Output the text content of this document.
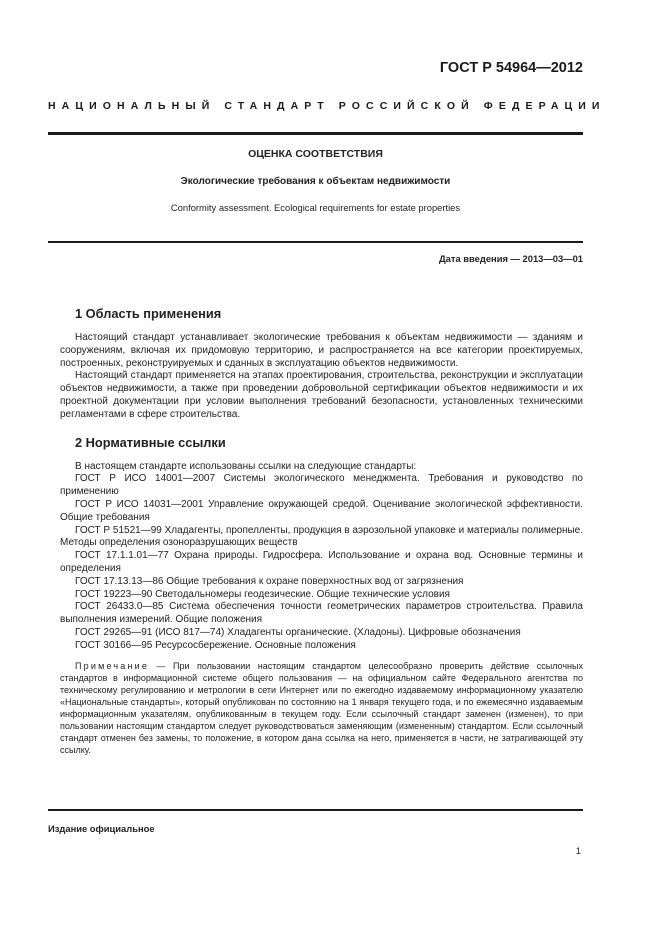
ГОСТ Р 54964—2012
НАЦИОНАЛЬНЫЙ СТАНДАРТ РОССИЙСКОЙ ФЕДЕРАЦИИ
ОЦЕНКА СООТВЕТСТВИЯ
Экологические требования к объектам недвижимости
Conformity assessment. Ecological requirements for estate properties
Дата введения — 2013—03—01
1 Область применения

Настоящий стандарт устанавливает экологические требования к объектам недвижимости — зданиям и сооружениям, включая их придомовую территорию, и распространяется на все категории проектируемых, построенных, реконструируемых и сданных в эксплуатацию объектов недвижимости.

Настоящий стандарт применяется на этапах проектирования, строительства, реконструкции и эксплуатации объектов недвижимости, а также при проведении добровольной сертификации объектов недвижимости и их проектной документации при условии выполнения требований безопасности, установленных техническими регламентами в сфере строительства.

2 Нормативные ссылки

В настоящем стандарте использованы ссылки на следующие стандарты:

ГОСТ Р ИСО 14001—2007 Системы экологического менеджмента. Требования и руководство по применению

ГОСТ Р ИСО 14031—2001 Управление окружающей средой. Оценивание экологической эффективности. Общие требования

ГОСТ Р 51521—99 Хладагенты, пропелленты, продукция в аэрозольной упаковке и материалы полимерные. Методы определения озоноразрушающих веществ

ГОСТ 17.1.1.01—77 Охрана природы. Гидросфера. Использование и охрана вод. Основные термины и определения

ГОСТ 17.13.13—86 Общие требования к охране поверхностных вод от загрязнения

ГОСТ 19223—90 Светодальномеры геодезические. Общие технические условия

ГОСТ 26433.0—85 Система обеспечения точности геометрических параметров строительства. Правила выполнения измерений. Общие положения

ГОСТ 29265—91 (ИСО 817—74) Хладагенты органические. (Хладоны). Цифровые обозначения

ГОСТ 30166—95 Ресурсосбережение. Основные положения

Примечание — При пользовании настоящим стандартом целесообразно проверить действие ссылочных стандартов в информационной системе общего пользования — на официальном сайте Федерального агентства по техническому регулированию и метрологии в сети Интернет или по ежегодно издаваемому информационному указателю «Национальные стандарты», который опубликован по состоянию на 1 января текущего года, и по ежемесячно издаваемым информационным указателям, опубликованным в текущем году. Если ссылочный стандарт заменен (изменен), то при пользовании настоящим стандартом следует руководствоваться заменяющим (измененным) стандартом. Если ссылочный стандарт отменен без замены, то положение, в котором дана ссылка на него, применяется в части, не затрагивающей эту ссылку.
Издание официальное
1
